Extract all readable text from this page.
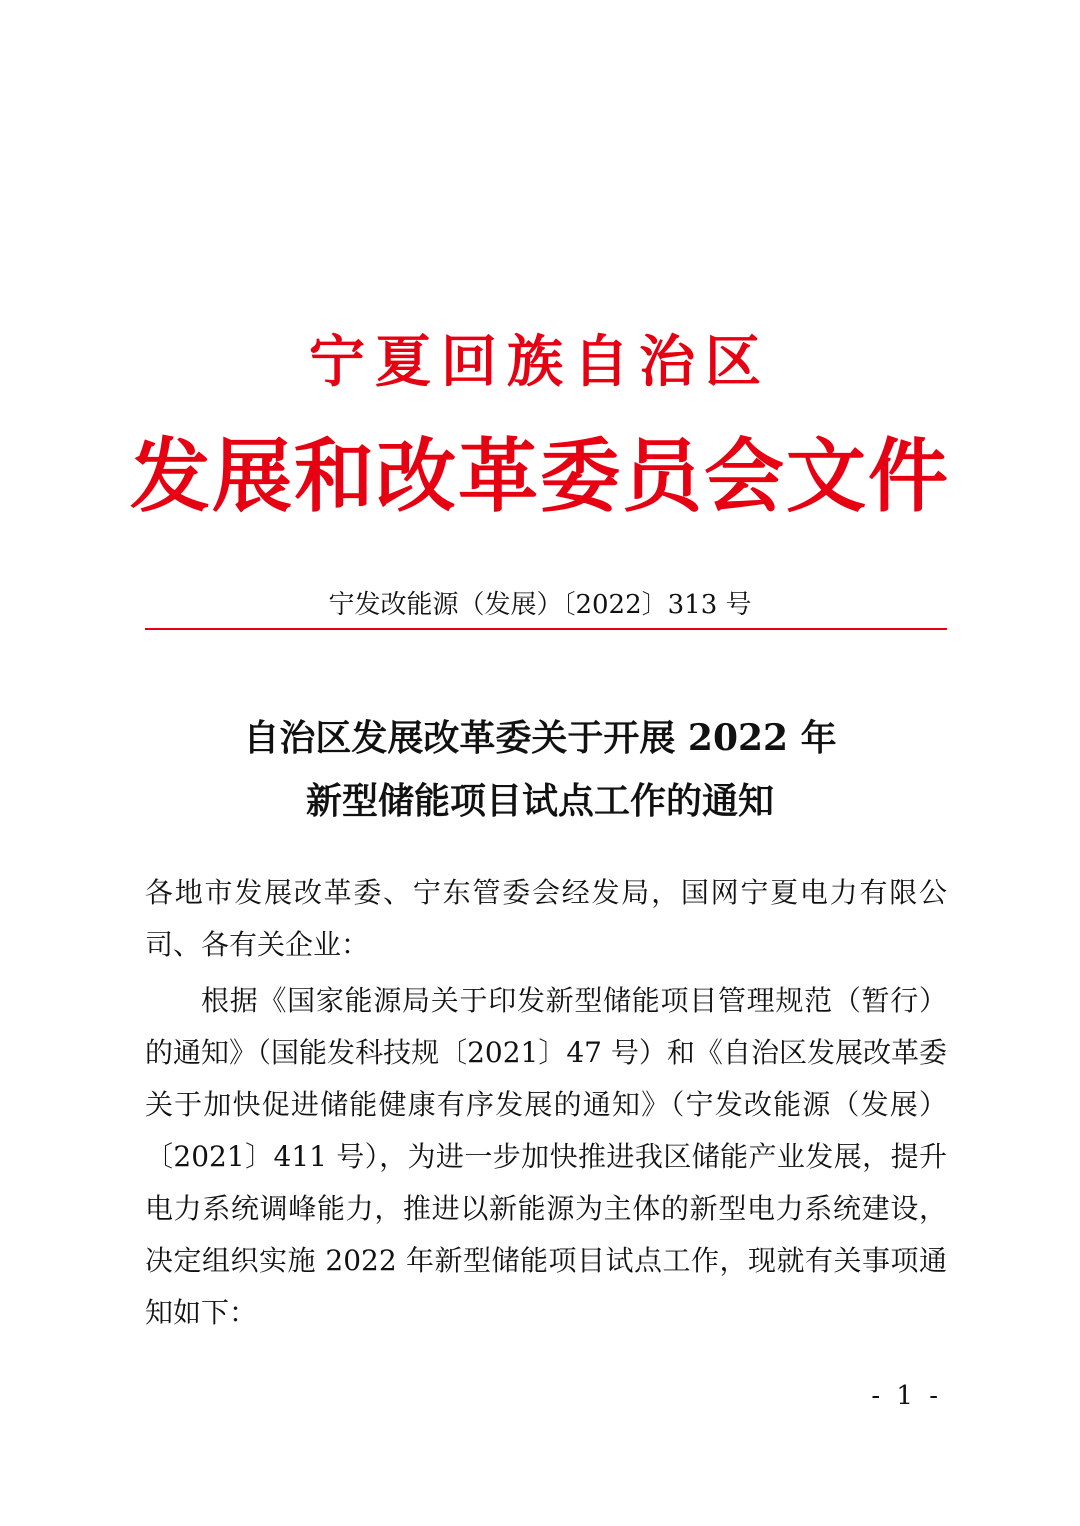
宁夏回族自治区
发展和改革委员会文件
宁发改能源（发展）〔2022〕313 号
自治区发展改革委关于开展 2022 年
新型储能项目试点工作的通知
各地市发展改革委、宁东管委会经发局，国网宁夏电力有限公司、各有关企业：
根据《国家能源局关于印发新型储能项目管理规范（暂行）的通知》（国能发科技规〔2021〕47 号）和《自治区发展改革委关于加快促进储能健康有序发展的通知》（宁发改能源（发展）〔2021〕411 号），为进一步加快推进我区储能产业发展，提升电力系统调峰能力，推进以新能源为主体的新型电力系统建设，决定组织实施 2022 年新型储能项目试点工作，现就有关事项通知如下：
- 1 -
